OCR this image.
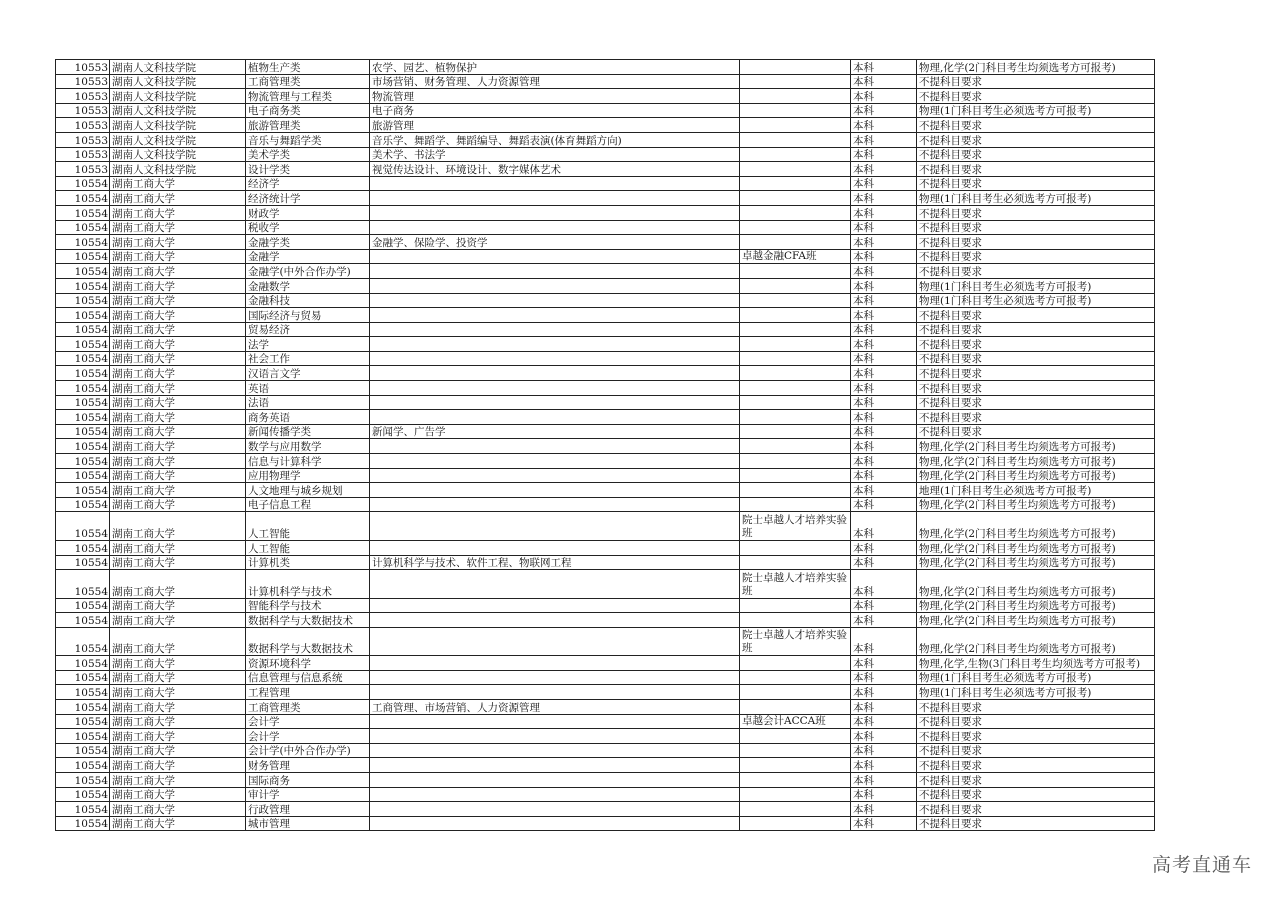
10553	湖南人文科技学院	植物生产类	农学、园艺、植物保护		本科	物理,化学(2门科目考生均须选考方可报考)
10553	湖南人文科技学院	工商管理类	市场营销、财务管理、人力资源管理		本科	不提科目要求
10553	湖南人文科技学院	物流管理与工程类	物流管理		本科	不提科目要求
10553	湖南人文科技学院	电子商务类	电子商务		本科	物理(1门科目考生必须选考方可报考)
10553	湖南人文科技学院	旅游管理类	旅游管理		本科	不提科目要求
10553	湖南人文科技学院	音乐与舞蹈学类	音乐学、舞蹈学、舞蹈编导、舞蹈表演(体育舞蹈方向)		本科	不提科目要求
10553	湖南人文科技学院	美术学类	美术学、书法学		本科	不提科目要求
10553	湖南人文科技学院	设计学类	视觉传达设计、环境设计、数字媒体艺术		本科	不提科目要求
10554	湖南工商大学	经济学			本科	不提科目要求
10554	湖南工商大学	经济统计学			本科	物理(1门科目考生必须选考方可报考)
10554	湖南工商大学	财政学			本科	不提科目要求
10554	湖南工商大学	税收学			本科	不提科目要求
10554	湖南工商大学	金融学类	金融学、保险学、投资学		本科	不提科目要求
10554	湖南工商大学	金融学		卓越金融CFA班	本科	不提科目要求
10554	湖南工商大学	金融学(中外合作办学)			本科	不提科目要求
10554	湖南工商大学	金融数学			本科	物理(1门科目考生必须选考方可报考)
10554	湖南工商大学	金融科技			本科	物理(1门科目考生必须选考方可报考)
10554	湖南工商大学	国际经济与贸易			本科	不提科目要求
10554	湖南工商大学	贸易经济			本科	不提科目要求
10554	湖南工商大学	法学			本科	不提科目要求
10554	湖南工商大学	社会工作			本科	不提科目要求
10554	湖南工商大学	汉语言文学			本科	不提科目要求
10554	湖南工商大学	英语			本科	不提科目要求
10554	湖南工商大学	法语			本科	不提科目要求
10554	湖南工商大学	商务英语			本科	不提科目要求
10554	湖南工商大学	新闻传播学类	新闻学、广告学		本科	不提科目要求
10554	湖南工商大学	数学与应用数学			本科	物理,化学(2门科目考生均须选考方可报考)
10554	湖南工商大学	信息与计算科学			本科	物理,化学(2门科目考生均须选考方可报考)
10554	湖南工商大学	应用物理学			本科	物理,化学(2门科目考生均须选考方可报考)
10554	湖南工商大学	人文地理与城乡规划			本科	地理(1门科目考生必须选考方可报考)
10554	湖南工商大学	电子信息工程			本科	物理,化学(2门科目考生均须选考方可报考)
10554	湖南工商大学	人工智能		院士卓越人才培养实验班	本科	物理,化学(2门科目考生均须选考方可报考)
10554	湖南工商大学	人工智能			本科	物理,化学(2门科目考生均须选考方可报考)
10554	湖南工商大学	计算机类	计算机科学与技术、软件工程、物联网工程		本科	物理,化学(2门科目考生均须选考方可报考)
10554	湖南工商大学	计算机科学与技术		院士卓越人才培养实验班	本科	物理,化学(2门科目考生均须选考方可报考)
10554	湖南工商大学	智能科学与技术			本科	物理,化学(2门科目考生均须选考方可报考)
10554	湖南工商大学	数据科学与大数据技术			本科	物理,化学(2门科目考生均须选考方可报考)
10554	湖南工商大学	数据科学与大数据技术		院士卓越人才培养实验班	本科	物理,化学(2门科目考生均须选考方可报考)
10554	湖南工商大学	资源环境科学			本科	物理,化学,生物(3门科目考生均须选考方可报考)
10554	湖南工商大学	信息管理与信息系统			本科	物理(1门科目考生必须选考方可报考)
10554	湖南工商大学	工程管理			本科	物理(1门科目考生必须选考方可报考)
10554	湖南工商大学	工商管理类	工商管理、市场营销、人力资源管理		本科	不提科目要求
10554	湖南工商大学	会计学		卓越会计ACCA班	本科	不提科目要求
10554	湖南工商大学	会计学			本科	不提科目要求
10554	湖南工商大学	会计学(中外合作办学)			本科	不提科目要求
10554	湖南工商大学	财务管理			本科	不提科目要求
10554	湖南工商大学	国际商务			本科	不提科目要求
10554	湖南工商大学	审计学			本科	不提科目要求
10554	湖南工商大学	行政管理			本科	不提科目要求
10554	湖南工商大学	城市管理			本科	不提科目要求
高考直通车
